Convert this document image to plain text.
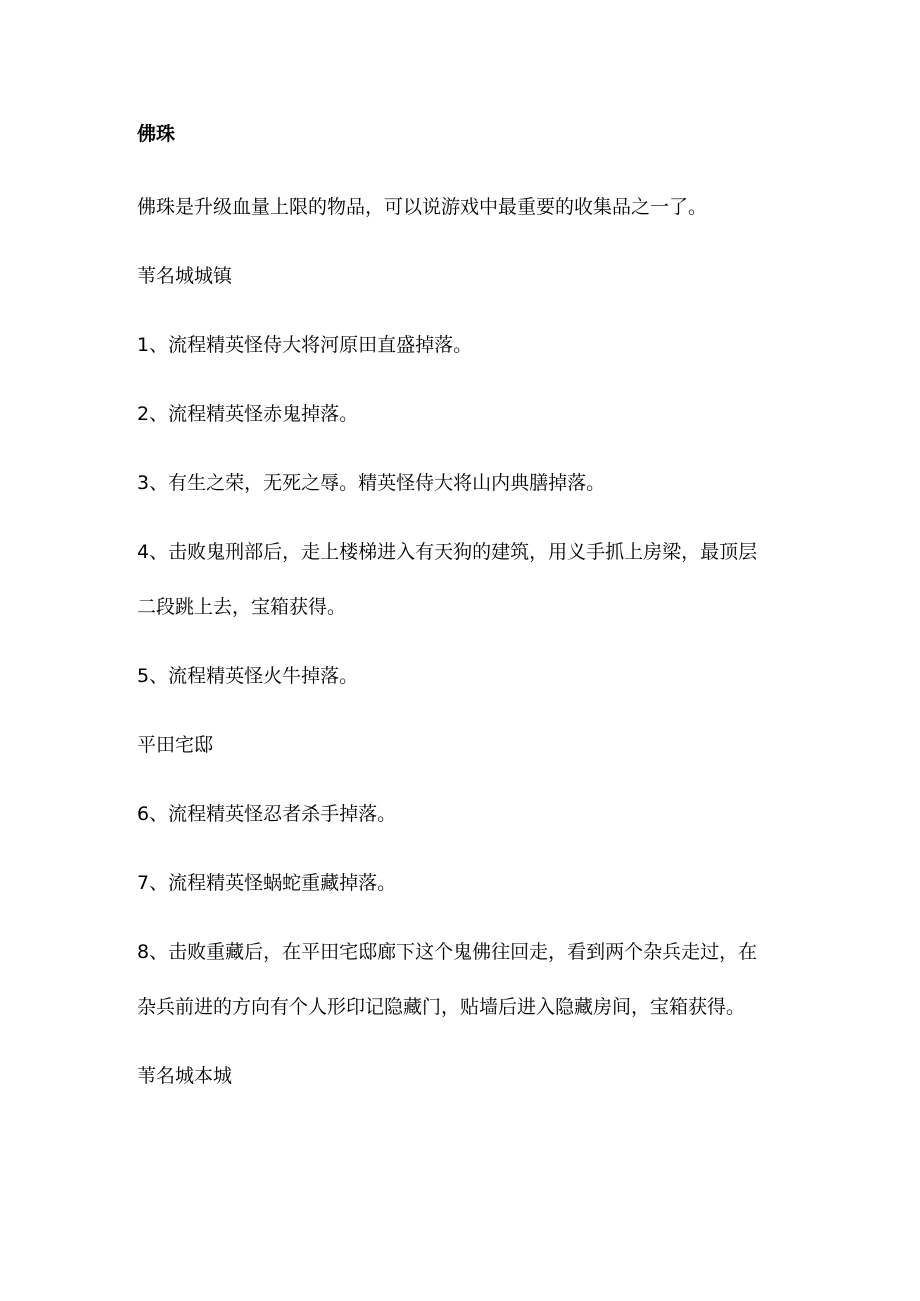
佛珠

佛珠是升级血量上限的物品，可以说游戏中最重要的收集品之一了。

苇名城城镇

1、流程精英怪侍大将河原田直盛掉落。

2、流程精英怪赤鬼掉落。

3、有生之荣，无死之辱。精英怪侍大将山内典膳掉落。

4、击败鬼刑部后，走上楼梯进入有天狗的建筑，用义手抓上房梁，最顶层

二段跳上去，宝箱获得。

5、流程精英怪火牛掉落。

平田宅邸

6、流程精英怪忍者杀手掉落。

7、流程精英怪蜗蛇重藏掉落。

8、击败重藏后，在平田宅邸廊下这个鬼佛往回走，看到两个杂兵走过，在

杂兵前进的方向有个人形印记隐藏门，贴墙后进入隐藏房间，宝箱获得。

苇名城本城
